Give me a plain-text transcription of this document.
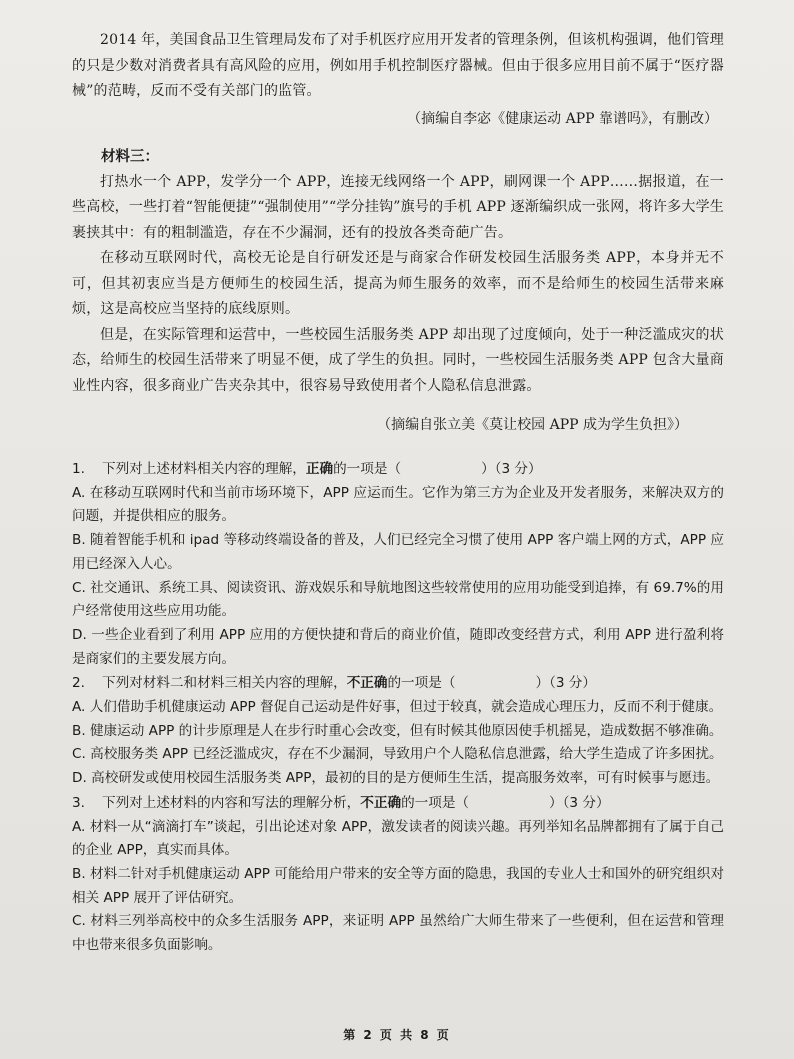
2014 年，美国食品卫生管理局发布了对手机医疗应用开发者的管理条例，但该机构强调，他们管理的只是少数对消费者具有高风险的应用，例如用手机控制医疗器械。但由于很多应用目前不属于“医疗器械”的范畴，反而不受有关部门的监管。

（摘编自李宓《健康运动 APP 靠谱吗》，有删改）

材料三：

打热水一个 APP，发学分一个 APP，连接无线网络一个 APP，刷网课一个 APP……据报道，在一些高校，一些打着“智能便捷”“强制使用”“学分挂钩”旗号的手机 APP 逐渐编织成一张网，将许多大学生裹挟其中：有的粗制滥造，存在不少漏洞，还有的投放各类奇葩广告。

在移动互联网时代，高校无论是自行研发还是与商家合作研发校园生活服务类 APP，本身并无不可，但其初衷应当是方便师生的校园生活，提高为师生服务的效率，而不是给师生的校园生活带来麻烦，这是高校应当坚持的底线原则。

但是，在实际管理和运营中，一些校园生活服务类 APP 却出现了过度倾向，处于一种泛滥成灾的状态，给师生的校园生活带来了明显不便，成了学生的负担。同时，一些校园生活服务类 APP 包含大量商业性内容，很多商业广告夹杂其中，很容易导致使用者个人隐私信息泄露。

（摘编自张立美《莫让校园 APP 成为学生负担》）

1. 下列对上述材料相关内容的理解，正确的一项是（	）（3 分）

A. 在移动互联网时代和当前市场环境下，APP 应运而生。它作为第三方为企业及开发者服务，来解决双方的问题，并提供相应的服务。

B. 随着智能手机和 ipad 等移动终端设备的普及，人们已经完全习惯了使用 APP 客户端上网的方式，APP 应用已经深入人心。

C. 社交通讯、系统工具、阅读资讯、游戏娱乐和导航地图这些较常使用的应用功能受到追捧，有 69.7%的用户经常使用这些应用功能。

D. 一些企业看到了利用 APP 应用的方便快捷和背后的商业价值，随即改变经营方式，利用 APP 进行盈利将是商家们的主要发展方向。

2. 下列对材料二和材料三相关内容的理解，不正确的一项是（	）（3 分）

A. 人们借助手机健康运动 APP 督促自己运动是件好事，但过于较真，就会造成心理压力，反而不利于健康。

B. 健康运动 APP 的计步原理是人在步行时重心会改变，但有时候其他原因使手机摇晃，造成数据不够准确。

C. 高校服务类 APP 已经泛滥成灾，存在不少漏洞，导致用户个人隐私信息泄露，给大学生造成了许多困扰。

D. 高校研发或使用校园生活服务类 APP，最初的目的是方便师生生活，提高服务效率，可有时候事与愿违。

3. 下列对上述材料的内容和写法的理解分析，不正确的一项是（	）（3 分）

A. 材料一从“滴滴打车”谈起，引出论述对象 APP，激发读者的阅读兴趣。再列举知名品牌都拥有了属于自己的企业 APP，真实而具体。

B. 材料二针对手机健康运动 APP 可能给用户带来的安全等方面的隐患，我国的专业人士和国外的研究组织对相关 APP 展开了评估研究。

C. 材料三列举高校中的众多生活服务 APP，来证明 APP 虽然给广大师生带来了一些便利，但在运营和管理中也带来很多负面影响。

第 2 页 共 8 页
